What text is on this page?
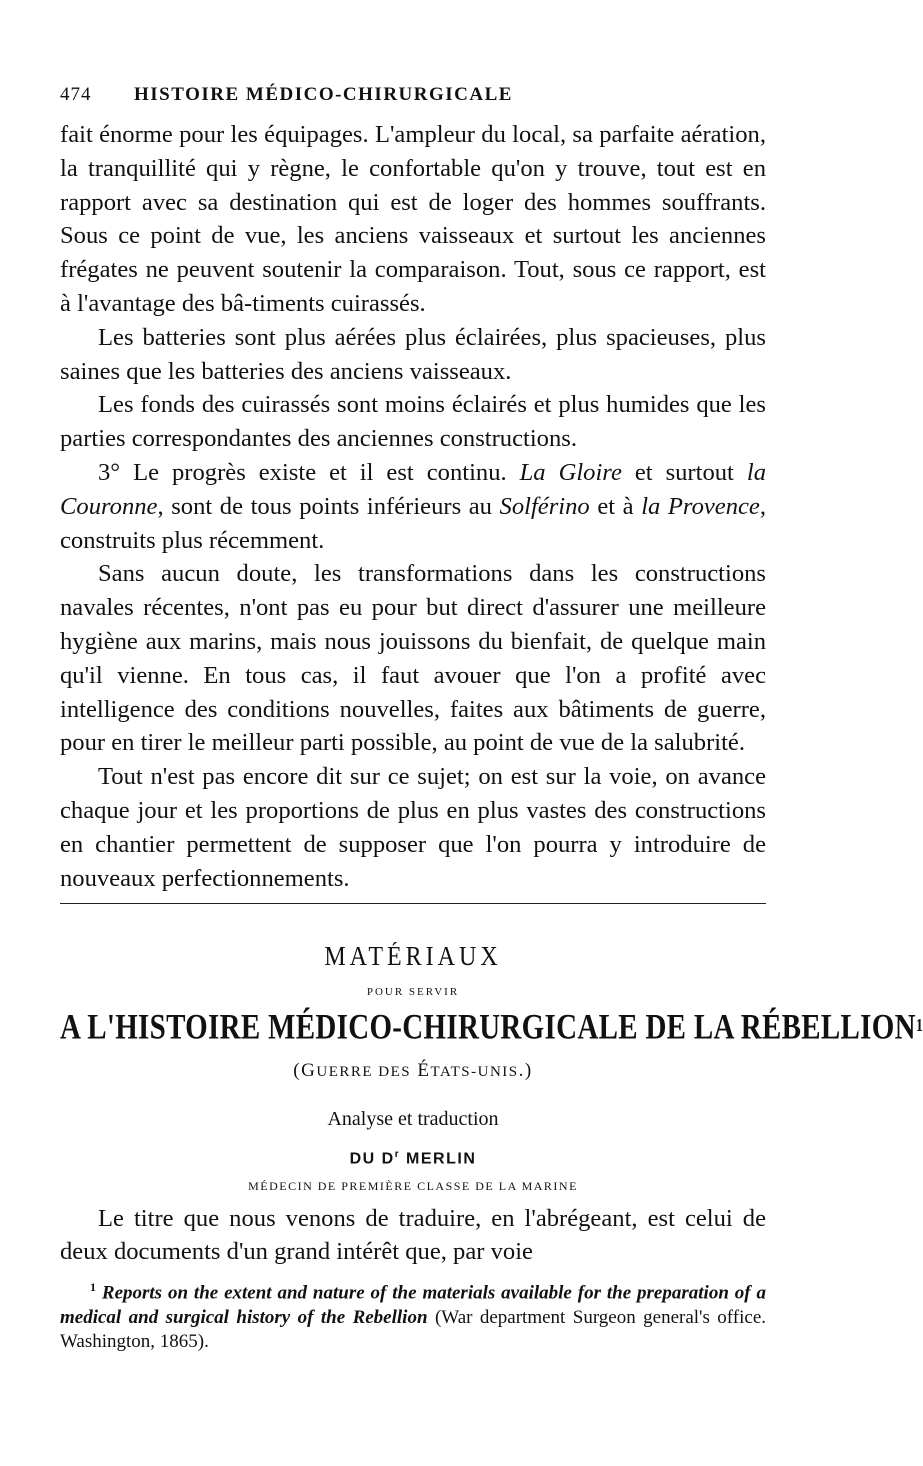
474	HISTOIRE MÉDICO-CHIRURGICALE

fait énorme pour les équipages. L'ampleur du local, sa parfaite aération, la tranquillité qui y règne, le confortable qu'on y trouve, tout est en rapport avec sa destination qui est de loger des hommes souffrants. Sous ce point de vue, les anciens vaisseaux et surtout les anciennes frégates ne peuvent soutenir la comparaison. Tout, sous ce rapport, est à l'avantage des bâ-timents cuirassés.

Les batteries sont plus aérées plus éclairées, plus spacieuses, plus saines que les batteries des anciens vaisseaux.

Les fonds des cuirassés sont moins éclairés et plus humides que les parties correspondantes des anciennes constructions.

3° Le progrès existe et il est continu. La Gloire et surtout la Couronne, sont de tous points inférieurs au Solférino et à la Provence, construits plus récemment.

Sans aucun doute, les transformations dans les constructions navales récentes, n'ont pas eu pour but direct d'assurer une meilleure hygiène aux marins, mais nous jouissons du bienfait, de quelque main qu'il vienne. En tous cas, il faut avouer que l'on a profité avec intelligence des conditions nouvelles, faites aux bâtiments de guerre, pour en tirer le meilleur parti possible, au point de vue de la salubrité.

Tout n'est pas encore dit sur ce sujet; on est sur la voie, on avance chaque jour et les proportions de plus en plus vastes des constructions en chantier permettent de supposer que l'on pourra y introduire de nouveaux perfectionnements.

MATÉRIAUX
POUR SERVIR
A L'HISTOIRE MÉDICO-CHIRURGICALE DE LA RÉBELLION$^1$
(GUERRE DES ÉTATS-UNIS.)
Analyse et traduction
DU $D^r$ MERLIN
MÉDECIN DE PREMIÈRE CLASSE DE LA MARINE

Le titre que nous venons de traduire, en l'abrégeant, est celui de deux documents d'un grand intérêt que, par voie

$^1$ Reports on the extent and nature of the materials available for the preparation of a medical and surgical history of the Rebellion (War department Surgeon general's office. Washington, 1865).
